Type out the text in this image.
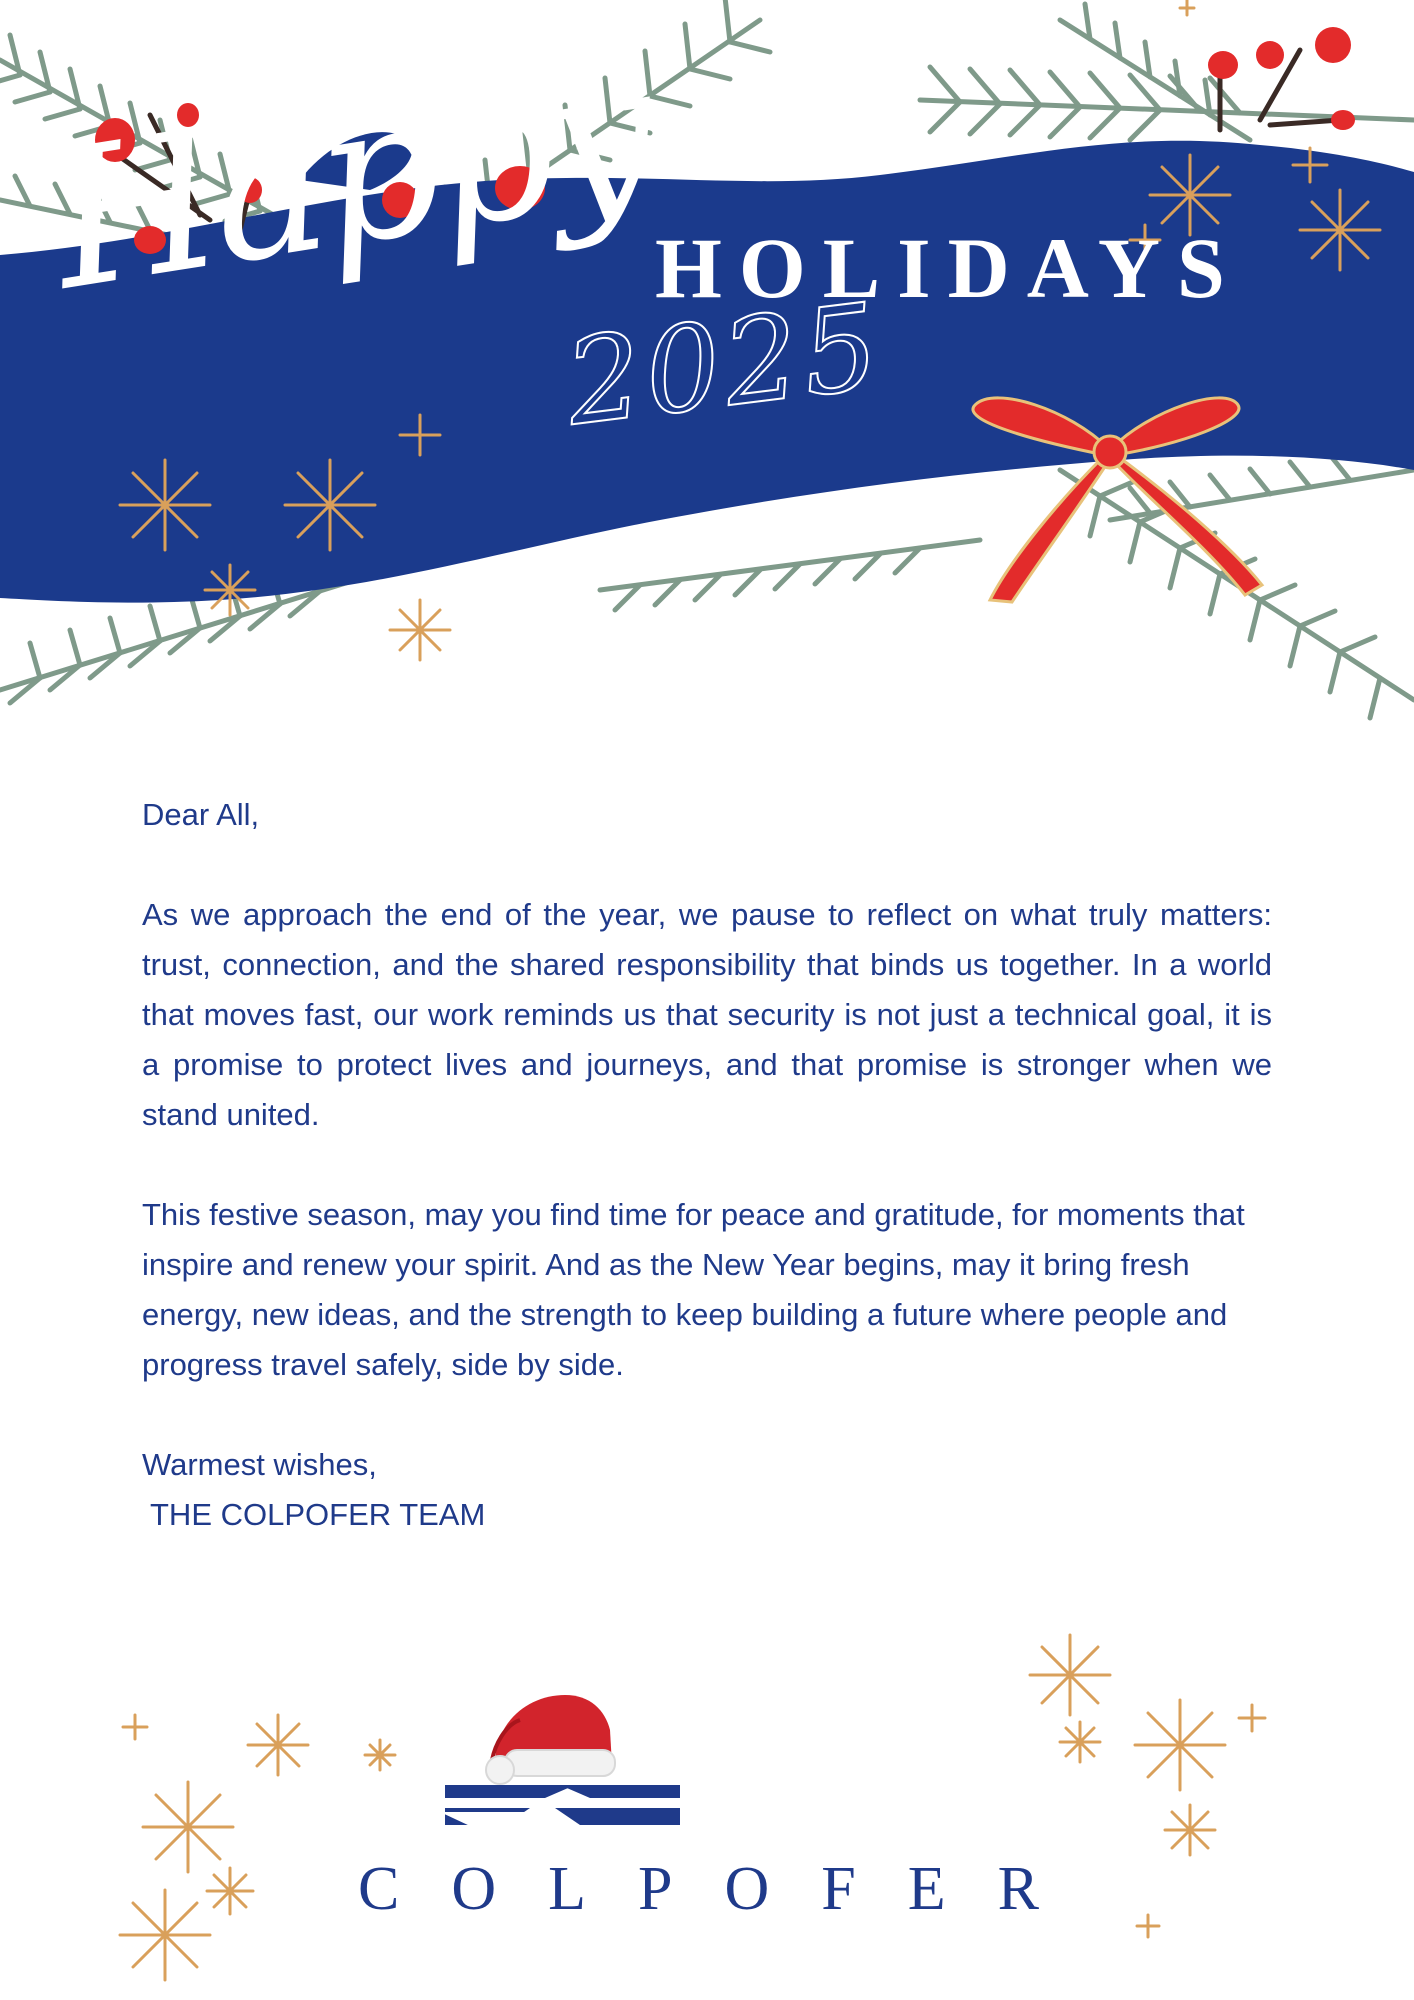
Happy
HOLIDAYS
2025

Dear All,

As we approach the end of the year, we pause to reflect on what truly matters: trust, connection, and the shared responsibility that binds us together. In a world that moves fast, our work reminds us that security is not just a technical goal, it is a promise to protect lives and journeys, and that promise is stronger when we stand united.

This festive season, may you find time for peace and gratitude, for moments that inspire and renew your spirit. And as the New Year begins, may it bring fresh energy, new ideas, and the strength to keep building a future where people and progress travel safely, side by side.

Warmest wishes,
THE COLPOFER TEAM
COLPOFER
